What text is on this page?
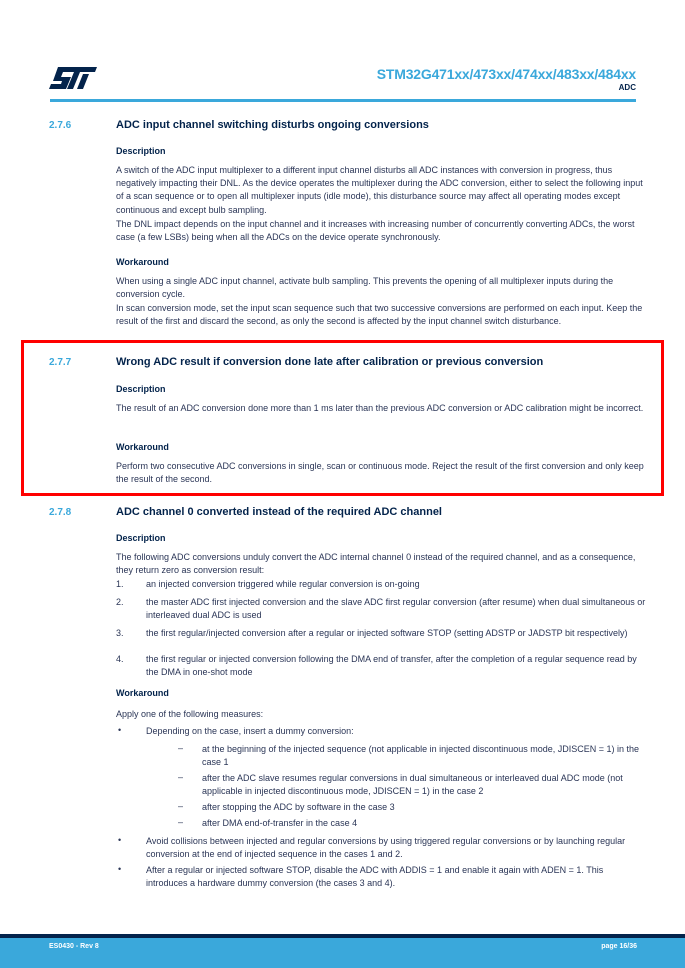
STM32G471xx/473xx/474xx/483xx/484xx
ADC
2.7.6	ADC input channel switching disturbs ongoing conversions
Description
A switch of the ADC input multiplexer to a different input channel disturbs all ADC instances with conversion in progress, thus negatively impacting their DNL. As the device operates the multiplexer during the ADC conversion, either to select the following input of a scan sequence or to open all multiplexer inputs (idle mode), this disturbance source may affect all operating modes except continuous and except bulb sampling.
The DNL impact depends on the input channel and it increases with increasing number of concurrently converting ADCs, the worst case (a few LSBs) being when all the ADCs on the device operate synchronously.
Workaround
When using a single ADC input channel, activate bulb sampling. This prevents the opening of all multiplexer inputs during the conversion cycle.
In scan conversion mode, set the input scan sequence such that two successive conversions are performed on each input. Keep the result of the first and discard the second, as only the second is affected by the input channel switch disturbance.
2.7.7	Wrong ADC result if conversion done late after calibration or previous conversion
Description
The result of an ADC conversion done more than 1 ms later than the previous ADC conversion or ADC calibration might be incorrect.
Workaround
Perform two consecutive ADC conversions in single, scan or continuous mode. Reject the result of the first conversion and only keep the result of the second.
2.7.8	ADC channel 0 converted instead of the required ADC channel
Description
The following ADC conversions unduly convert the ADC internal channel 0 instead of the required channel, and as a consequence, they return zero as conversion result:
1. an injected conversion triggered while regular conversion is on-going
2. the master ADC first injected conversion and the slave ADC first regular conversion (after resume) when dual simultaneous or interleaved dual ADC is used
3. the first regular/injected conversion after a regular or injected software STOP (setting ADSTP or JADSTP bit respectively)
4. the first regular or injected conversion following the DMA end of transfer, after the completion of a regular sequence read by the DMA in one-shot mode
Workaround
Apply one of the following measures:
•	Depending on the case, insert a dummy conversion:
– at the beginning of the injected sequence (not applicable in injected discontinuous mode, JDISCEN = 1) in the case 1
– after the ADC slave resumes regular conversions in dual simultaneous or interleaved dual ADC mode (not applicable in injected discontinuous mode, JDISCEN = 1) in the case 2
– after stopping the ADC by software in the case 3
– after DMA end-of-transfer in the case 4
•	Avoid collisions between injected and regular conversions by using triggered regular conversions or by launching regular conversion at the end of injected sequence in the cases 1 and 2.
•	After a regular or injected software STOP, disable the ADC with ADDIS = 1 and enable it again with ADEN = 1. This introduces a hardware dummy conversion (the cases 3 and 4).
ES0430 - Rev 8	page 16/36
